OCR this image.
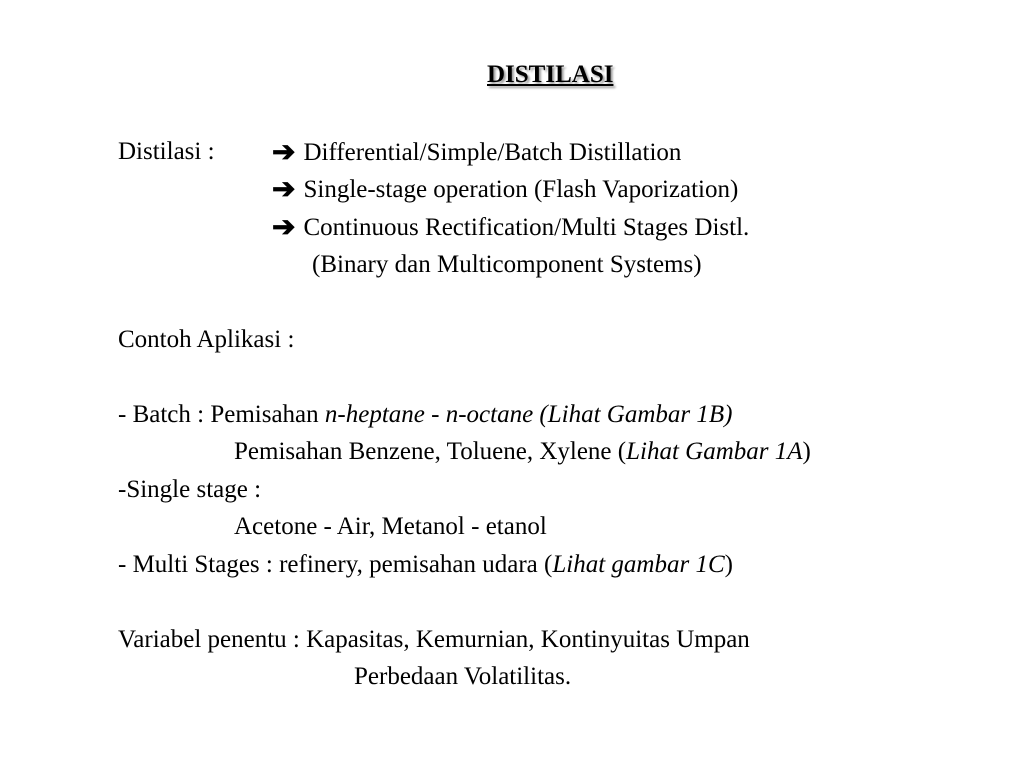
DISTILASI
Distilasi : ➔ Differential/Simple/Batch Distillation
➔ Single-stage operation (Flash Vaporization)
➔ Continuous Rectification/Multi Stages Distl.
(Binary dan Multicomponent Systems)
Contoh Aplikasi :
- Batch : Pemisahan n-heptane - n-octane (Lihat Gambar 1B)
Pemisahan Benzene, Toluene, Xylene (Lihat Gambar 1A)
-Single stage :
Acetone - Air, Metanol - etanol
- Multi Stages : refinery, pemisahan udara (Lihat gambar 1C)
Variabel penentu : Kapasitas, Kemurnian, Kontinyuitas Umpan
Perbedaan Volatilitas.
